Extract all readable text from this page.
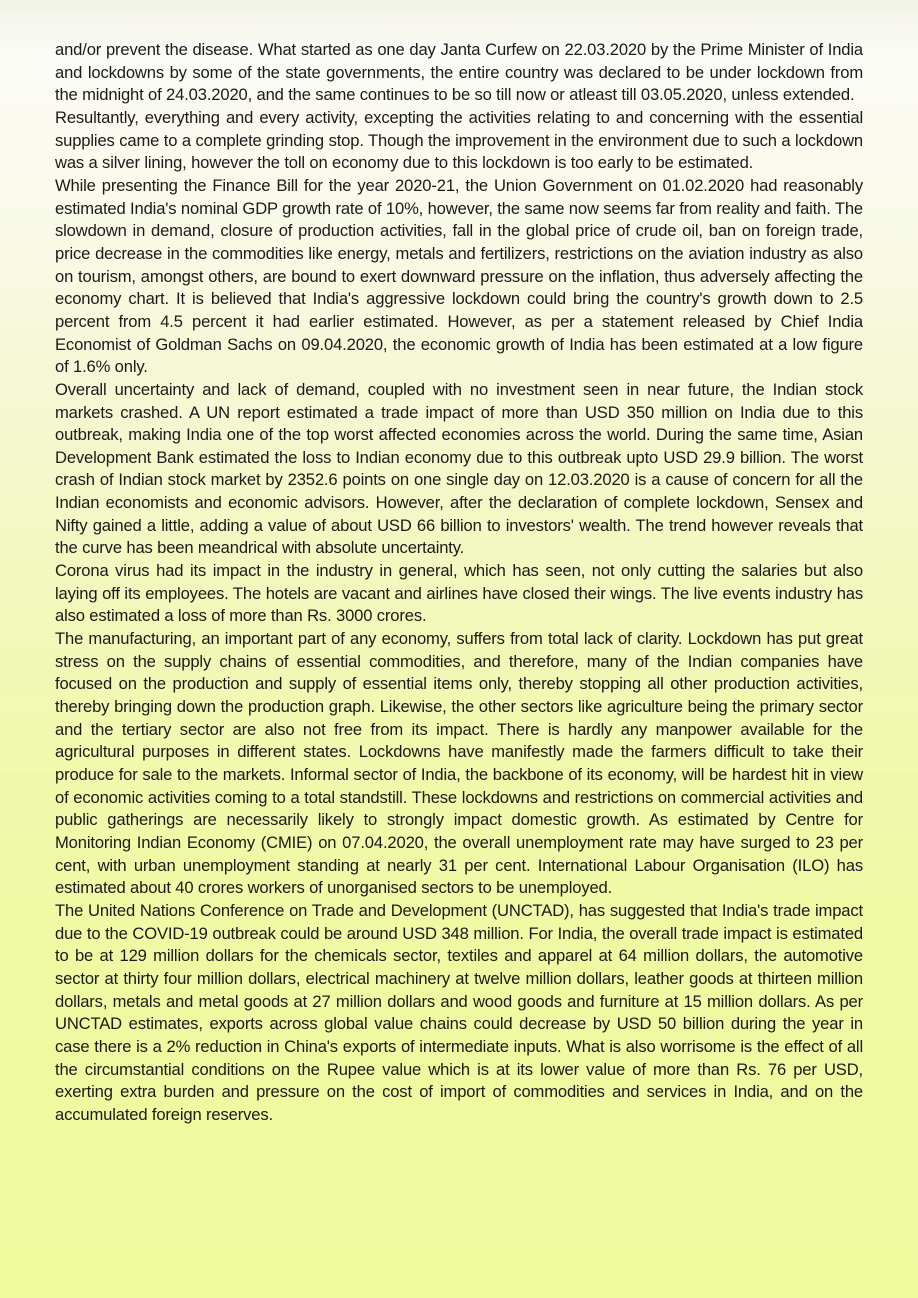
and/or prevent the disease. What started as one day Janta Curfew on 22.03.2020 by the Prime Minister of India and lockdowns by some of the state governments, the entire country was declared to be under lockdown from the midnight of 24.03.2020, and the same continues to be so till now or atleast till 03.05.2020, unless extended.

Resultantly, everything and every activity, excepting the activities relating to and concerning with the essential supplies came to a complete grinding stop. Though the improvement in the environment due to such a lockdown was a silver lining, however the toll on economy due to this lockdown is too early to be estimated.

While presenting the Finance Bill for the year 2020-21, the Union Government on 01.02.2020 had reasonably estimated India's nominal GDP growth rate of 10%, however, the same now seems far from reality and faith. The slowdown in demand, closure of production activities, fall in the global price of crude oil, ban on foreign trade, price decrease in the commodities like energy, metals and fertilizers, restrictions on the aviation industry as also on tourism, amongst others, are bound to exert downward pressure on the inflation, thus adversely affecting the economy chart. It is believed that India's aggressive lockdown could bring the country's growth down to 2.5 percent from 4.5 percent it had earlier estimated. However, as per a statement released by Chief India Economist of Goldman Sachs on 09.04.2020, the economic growth of India has been estimated at a low figure of 1.6% only.

Overall uncertainty and lack of demand, coupled with no investment seen in near future, the Indian stock markets crashed. A UN report estimated a trade impact of more than USD 350 million on India due to this outbreak, making India one of the top worst affected economies across the world. During the same time, Asian Development Bank estimated the loss to Indian economy due to this outbreak upto USD 29.9 billion. The worst crash of Indian stock market by 2352.6 points on one single day on 12.03.2020 is a cause of concern for all the Indian economists and economic advisors. However, after the declaration of complete lockdown, Sensex and Nifty gained a little, adding a value of about USD 66 billion to investors' wealth. The trend however reveals that the curve has been meandrical with absolute uncertainty.

Corona virus had its impact in the industry in general, which has seen, not only cutting the salaries but also laying off its employees. The hotels are vacant and airlines have closed their wings. The live events industry has also estimated a loss of more than Rs. 3000 crores.

The manufacturing, an important part of any economy, suffers from total lack of clarity. Lockdown has put great stress on the supply chains of essential commodities, and therefore, many of the Indian companies have focused on the production and supply of essential items only, thereby stopping all other production activities, thereby bringing down the production graph. Likewise, the other sectors like agriculture being the primary sector and the tertiary sector are also not free from its impact. There is hardly any manpower available for the agricultural purposes in different states. Lockdowns have manifestly made the farmers difficult to take their produce for sale to the markets. Informal sector of India, the backbone of its economy, will be hardest hit in view of economic activities coming to a total standstill. These lockdowns and restrictions on commercial activities and public gatherings are necessarily likely to strongly impact domestic growth. As estimated by Centre for Monitoring Indian Economy (CMIE) on 07.04.2020, the overall unemployment rate may have surged to 23 per cent, with urban unemployment standing at nearly 31 per cent. International Labour Organisation (ILO) has estimated about 40 crores workers of unorganised sectors to be unemployed.

The United Nations Conference on Trade and Development (UNCTAD), has suggested that India's trade impact due to the COVID-19 outbreak could be around USD 348 million. For India, the overall trade impact is estimated to be at 129 million dollars for the chemicals sector, textiles and apparel at 64 million dollars, the automotive sector at thirty four million dollars, electrical machinery at twelve million dollars, leather goods at thirteen million dollars, metals and metal goods at 27 million dollars and wood goods and furniture at 15 million dollars. As per UNCTAD estimates, exports across global value chains could decrease by USD 50 billion during the year in case there is a 2% reduction in China's exports of intermediate inputs. What is also worrisome is the effect of all the circumstantial conditions on the Rupee value which is at its lower value of more than Rs. 76 per USD, exerting extra burden and pressure on the cost of import of commodities and services in India, and on the accumulated foreign reserves.
